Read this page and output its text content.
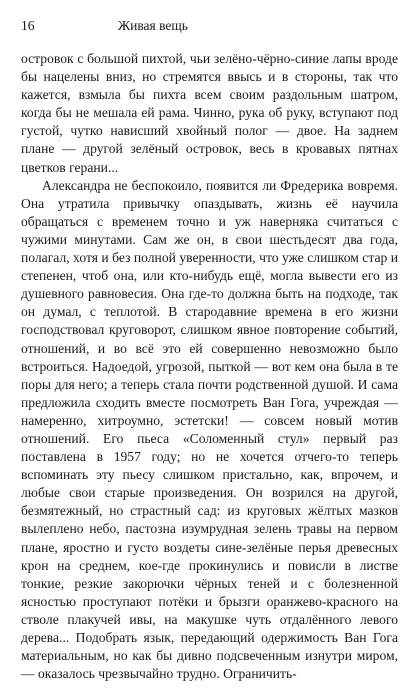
16	Живая вещь

островок с большой пихтой, чьи зелёно-чёрно-синие лапы вроде бы нацелены вниз, но стремятся ввысь и в стороны, так что кажется, взмыла бы пихта всем своим раздольным шатром, когда бы не мешала ей рама. Чинно, рука об руку, вступают под густой, чутко нависший хвойный полог — двое. На заднем плане — другой зелёный островок, весь в кровавых пятнах цветков герани...

Александра не беспокоило, появится ли Фредерика вовремя. Она утратила привычку опаздывать, жизнь её научила обращаться с временем точно и уж наверняка считаться с чужими минутами. Сам же он, в свои шестьдесят два года, полагал, хотя и без полной уверенности, что уже слишком стар и степенен, чтоб она, или кто-нибудь ещё, могла вывести его из душевного равновесия. Она где-то должна быть на подходе, так он думал, с теплотой. В стародавние времена в его жизни господствовал круговорот, слишком явное повторение событий, отношений, и во всё это ей совершенно невозможно было встроиться. Надоедой, угрозой, пыткой — вот кем она была в те поры для него; а теперь стала почти родственной душой. И сама предложила сходить вместе посмотреть Ван Гога, учреждая — намеренно, хитроумно, эстетски! — совсем новый мотив отношений. Его пьеса «Соломенный стул» первый раз поставлена в 1957 году; но не хочется отчего-то теперь вспоминать эту пьесу слишком пристально, как, впрочем, и любые свои старые произведения. Он возрился на другой, безмятежный, но страстный сад: из круговых жёлтых мазков вылеплено небо, пастозна изумрудная зелень травы на первом плане, яростно и густо воздеты сине-зелёные перья древесных крон на среднем, кое-где прокинулись и повисли в листве тонкие, резкие закорючки чёрных теней и с болезненной ясностью проступают потёки и брызги оранжево-красного на стволе плакучей ивы, на макушке чуть отдалённого левого дерева... Подобрать язык, передающий одержимость Ван Гога материальным, но как бы дивно подсвеченным изнутри миром, — оказалось чрезвычайно трудно. Ограничить-
